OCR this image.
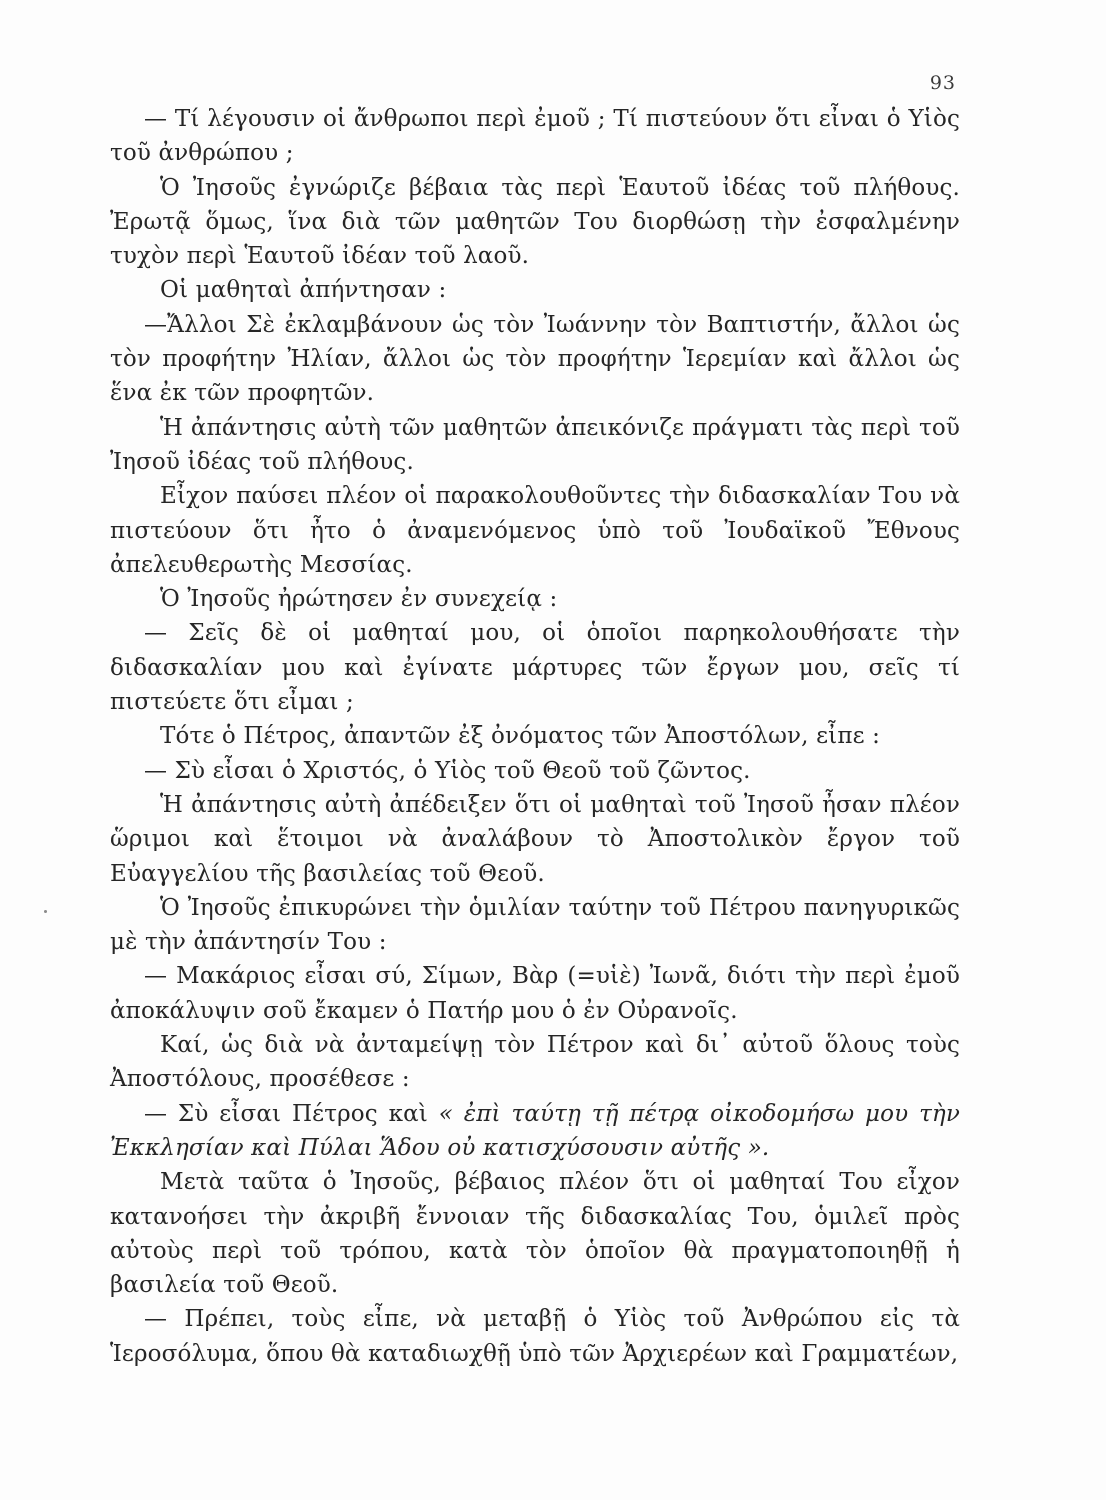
93

— Τί λέγουσιν οἱ ἄνθρωποι περὶ ἐμοῦ ; Τί πιστεύουν ὅτι εἶναι ὁ Υἱὸς τοῦ ἀνθρώπου ;

Ὁ Ἰησοῦς ἐγνώριζε βέβαια τὰς περὶ Ἑαυτοῦ ἰδέας τοῦ πλήθους. Ἐρωτᾷ ὅμως, ἵνα διὰ τῶν μαθητῶν Του διορθώσῃ τὴν ἐσφαλμένην τυχὸν περὶ Ἑαυτοῦ ἰδέαν τοῦ λαοῦ.

Οἱ μαθηταὶ ἀπήντησαν :

—Ἄλλοι Σὲ ἐκλαμβάνουν ὡς τὸν Ἰωάννην τὸν Βαπτιστήν, ἄλλοι ὡς τὸν προφήτην Ἠλίαν, ἄλλοι ὡς τὸν προφήτην Ἱερεμίαν καὶ ἄλλοι ὡς ἕνα ἐκ τῶν προφητῶν.

Ἡ ἀπάντησις αὐτὴ τῶν μαθητῶν ἀπεικόνιζε πράγματι τὰς περὶ τοῦ Ἰησοῦ ἰδέας τοῦ πλήθους.

Εἶχον παύσει πλέον οἱ παρακολουθοῦντες τὴν διδασκαλίαν Του νὰ πιστεύουν ὅτι ἦτο ὁ ἀναμενόμενος ὑπὸ τοῦ Ἰουδαϊκοῦ Ἔθνους ἀπελευθερωτὴς Μεσσίας.

Ὁ Ἰησοῦς ἠρώτησεν ἐν συνεχείᾳ :

— Σεῖς δὲ οἱ μαθηταί μου, οἱ ὁποῖοι παρηκολουθήσατε τὴν διδασκαλίαν μου καὶ ἐγίνατε μάρτυρες τῶν ἔργων μου, σεῖς τί πιστεύετε ὅτι εἶμαι ;

Τότε ὁ Πέτρος, ἀπαντῶν ἐξ ὀνόματος τῶν Ἀποστόλων, εἶπε :

— Σὺ εἶσαι ὁ Χριστός, ὁ Υἱὸς τοῦ Θεοῦ τοῦ ζῶντος.

Ἡ ἀπάντησις αὐτὴ ἀπέδειξεν ὅτι οἱ μαθηταὶ τοῦ Ἰησοῦ ἦσαν πλέον ὥριμοι καὶ ἕτοιμοι νὰ ἀναλάβουν τὸ Ἀποστολικὸν ἔργον τοῦ Εὐαγγελίου τῆς βασιλείας τοῦ Θεοῦ.

Ὁ Ἰησοῦς ἐπικυρώνει τὴν ὁμιλίαν ταύτην τοῦ Πέτρου πανηγυρικῶς μὲ τὴν ἀπάντησίν Του :

— Μακάριος εἶσαι σύ, Σίμων, Βὰρ (=υἱὲ) Ἰωνᾶ, διότι τὴν περὶ ἐμοῦ ἀποκάλυψιν σοῦ ἔκαμεν ὁ Πατήρ μου ὁ ἐν Οὐρανοῖς.

Καί, ὡς διὰ νὰ ἀνταμείψῃ τὸν Πέτρον καὶ δι᾿ αὐτοῦ ὅλους τοὺς Ἀποστόλους, προσέθεσε :

— Σὺ εἶσαι Πέτρος καὶ « ἐπὶ ταύτῃ τῇ πέτρᾳ οἰκοδομήσω μου τὴν Ἐκκλησίαν καὶ Πύλαι Ἅδου οὐ κατισχύσουσιν αὐτῆς ».

Μετὰ ταῦτα ὁ Ἰησοῦς, βέβαιος πλέον ὅτι οἱ μαθηταί Του εἶχον κατανοήσει τὴν ἀκριβῆ ἔννοιαν τῆς διδασκαλίας Του, ὁμιλεῖ πρὸς αὐτοὺς περὶ τοῦ τρόπου, κατὰ τὸν ὁποῖον θὰ πραγματοποιηθῇ ἡ βασιλεία τοῦ Θεοῦ.

— Πρέπει, τοὺς εἶπε, νὰ μεταβῇ ὁ Υἱὸς τοῦ Ἀνθρώπου εἰς τὰ Ἱεροσόλυμα, ὅπου θὰ καταδιωχθῇ ὑπὸ τῶν Ἀρχιερέων καὶ Γραμματέων,
